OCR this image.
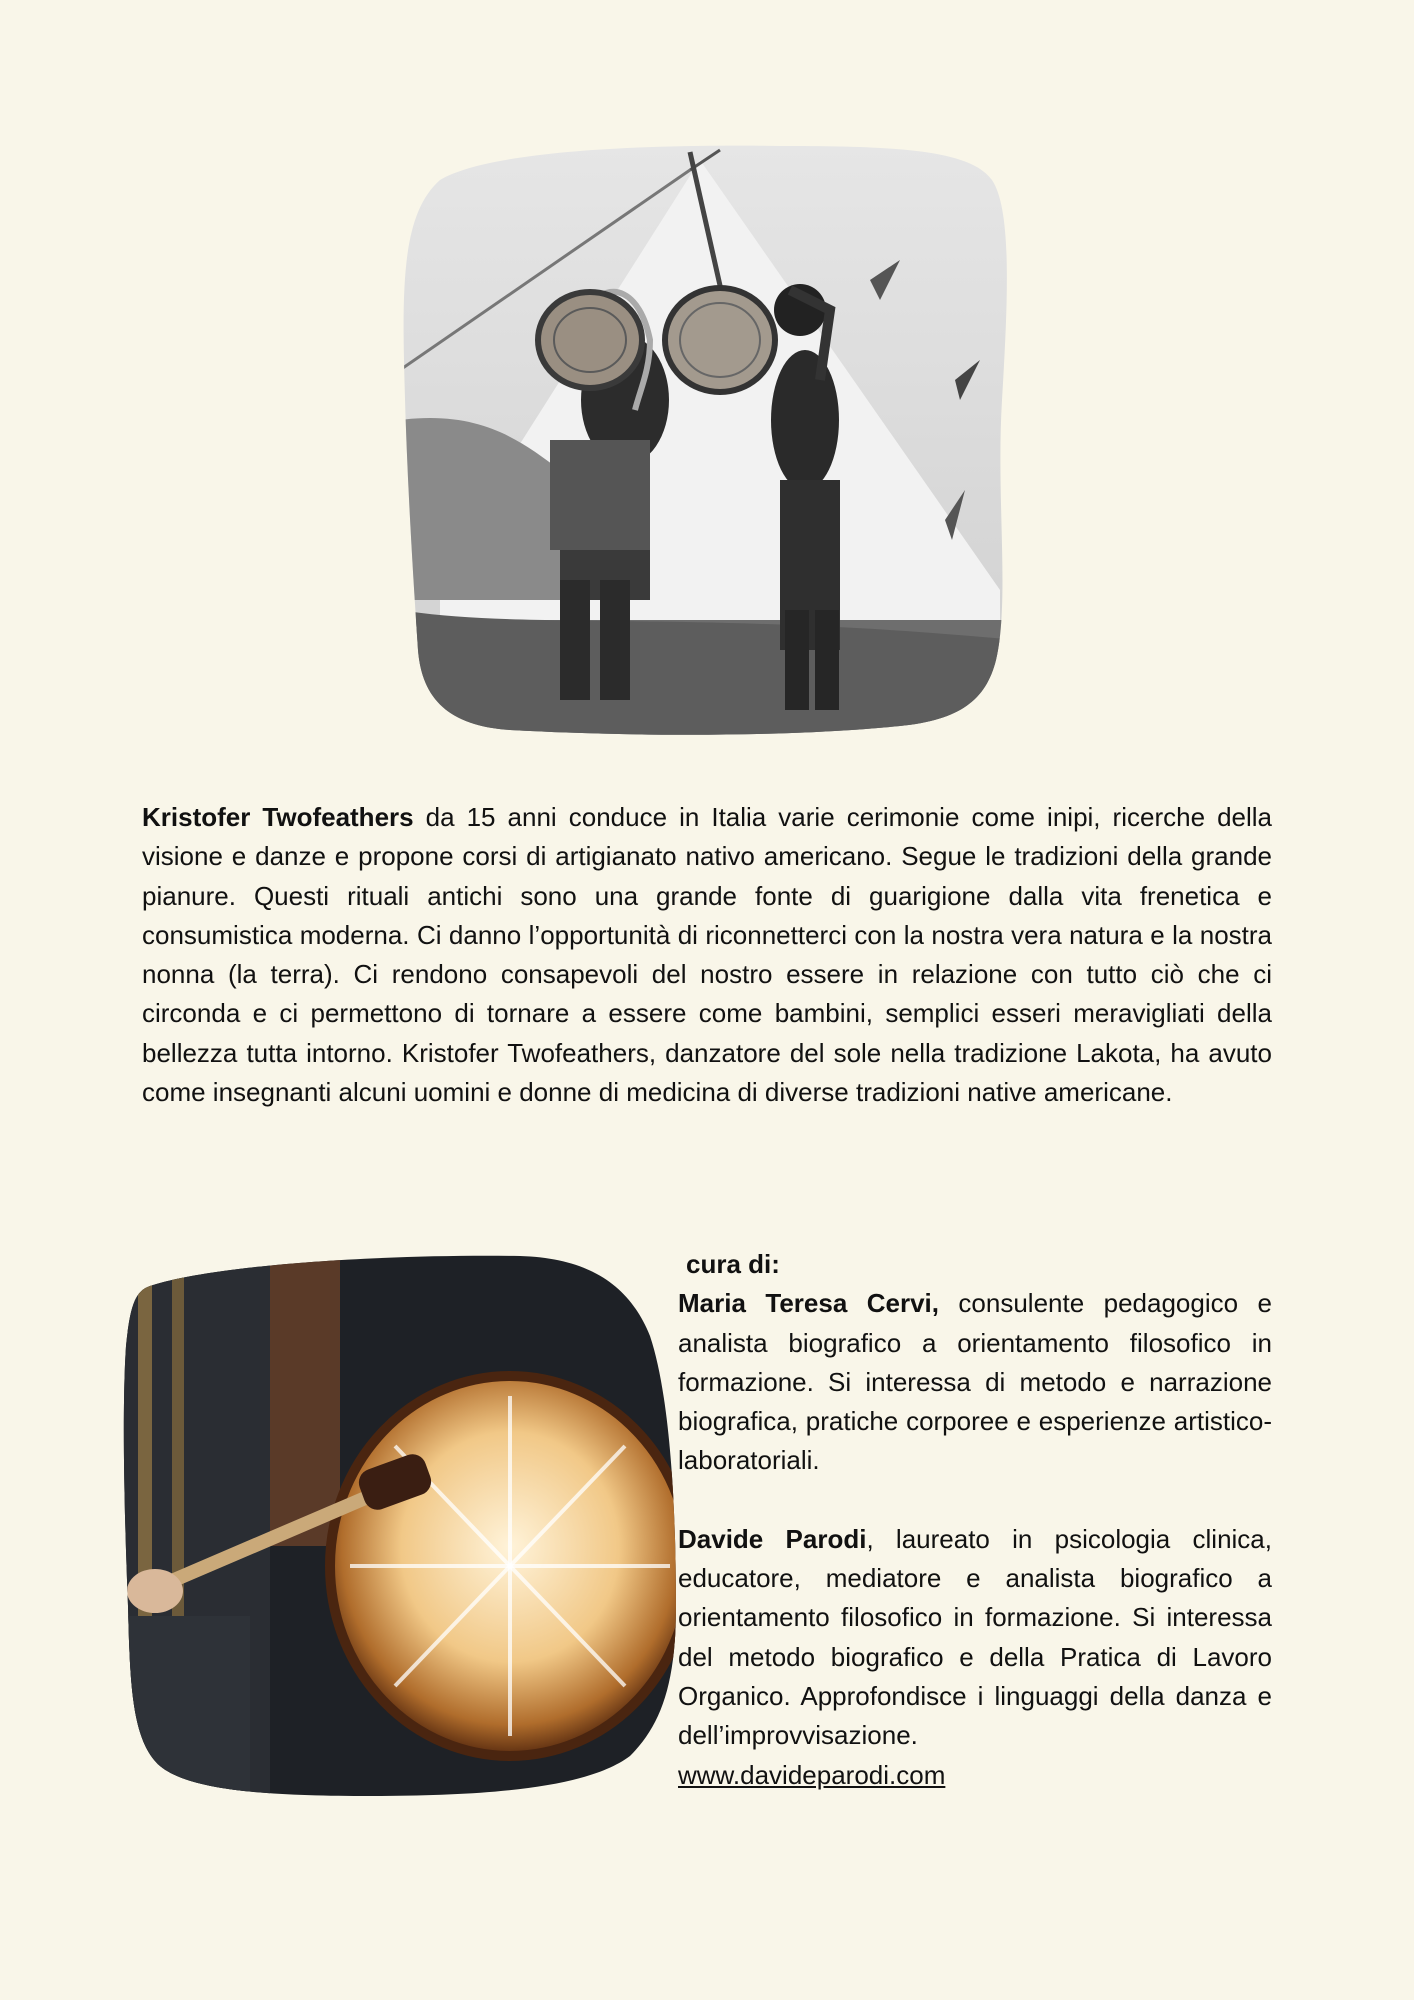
Kristofer Twofeathers da 15 anni conduce in Italia varie cerimonie come inipi, ricerche della visione e danze e propone corsi di artigianato nativo americano. Segue le tradizioni della grande pianure. Questi rituali antichi sono una grande fonte di guarigione dalla vita frenetica e consumistica moderna. Ci danno l’opportunità di riconnetterci con la nostra vera natura e la nostra nonna (la terra). Ci rendono consapevoli del nostro essere in relazione con tutto ciò che ci circonda e ci permettono di tornare a essere come bambini, semplici esseri meravigliati della bellezza tutta intorno. Kristofer Twofeathers, danzatore del sole nella tradizione Lakota, ha avuto come insegnanti alcuni uomini e donne di medicina di diverse tradizioni native americane.

cura di:

Maria Teresa Cervi, consulente pedagogico e analista biografico a orientamento filosofico in formazione. Si interessa di metodo e narrazione biografica, pratiche corporee e esperienze artistico-laboratoriali.

Davide Parodi, laureato in psicologia clinica, educatore, mediatore e analista biografico a orientamento filosofico in formazione. Si interessa del metodo biografico e della Pratica di Lavoro Organico. Approfondisce i linguaggi della danza e dell’improvvisazione.

www.davideparodi.com
